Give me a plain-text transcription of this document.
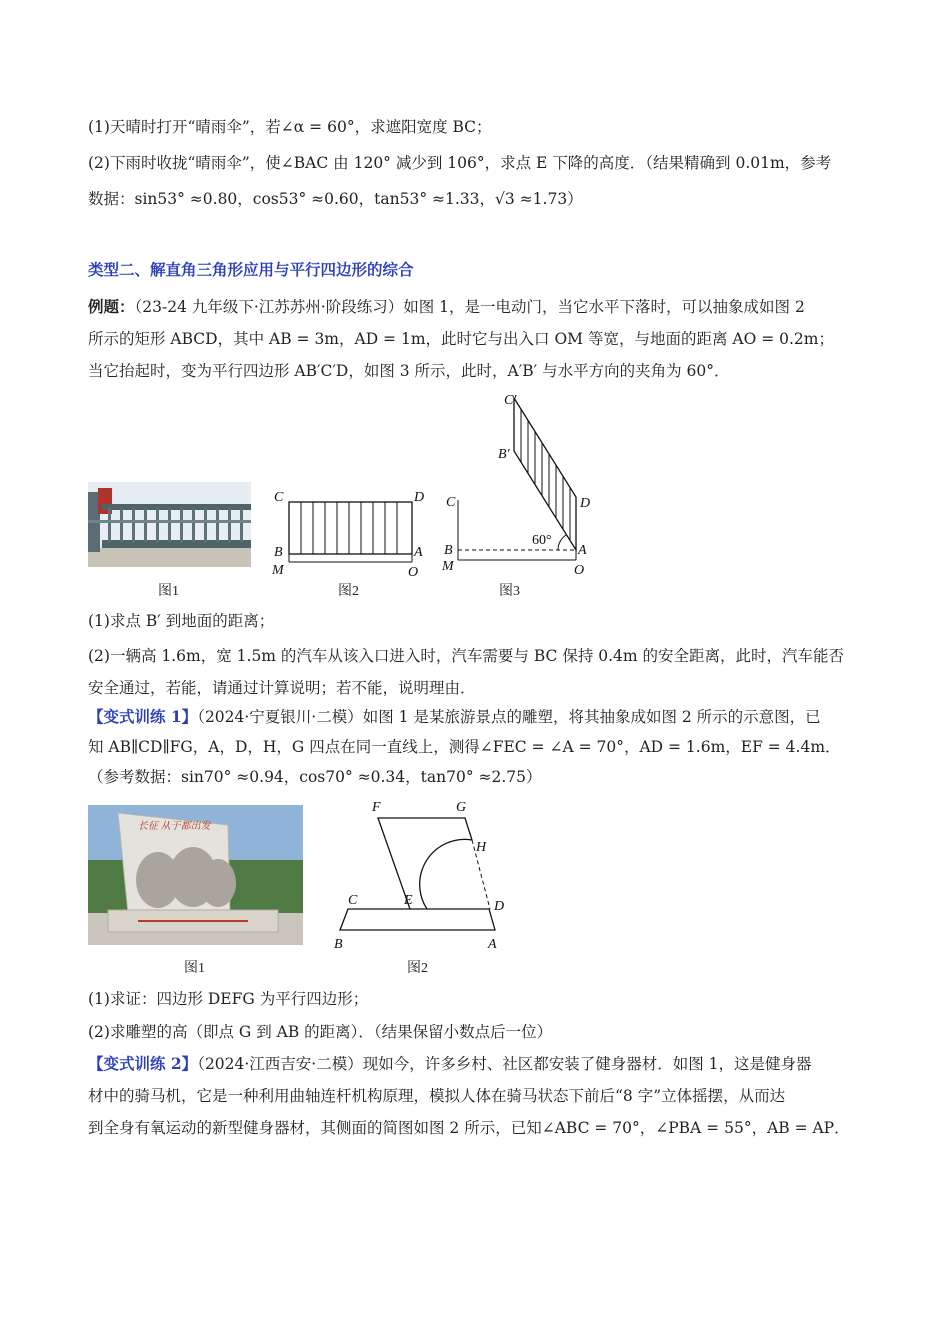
(1)天晴时打开“晴雨伞”，若∠α = 60°，求遮阳宽度 BC；
(2)下雨时收拢“晴雨伞”，使∠BAC 由 120° 减少到 106°，求点 E 下降的高度．（结果精确到 0.01m，参考
数据：sin53° ≈0.80，cos53° ≈0.60，tan53° ≈1.33，√3 ≈1.73）
类型二、解直角三角形应用与平行四边形的综合
例题：（23-24 九年级下·江苏苏州·阶段练习）如图 1，是一电动门，当它水平下落时，可以抽象成如图 2
所示的矩形 ABCD，其中 AB = 3m，AD = 1m，此时它与出入口 OM 等宽，与地面的距离 AO = 0.2m；
当它抬起时，变为平行四边形 AB′C′D，如图 3 所示，此时，A′B′ 与水平方向的夹角为 60°．
图1
C	D
B	A
M	O
图2
C′
B′
C	D
60°
B	A
M	O
图3
(1)求点 B′ 到地面的距离；
(2)一辆高 1.6m，宽 1.5m 的汽车从该入口进入时，汽车需要与 BC 保持 0.4m 的安全距离，此时，汽车能否
安全通过，若能，请通过计算说明；若不能，说明理由．
【变式训练 1】（2024·宁夏银川·二模）如图 1 是某旅游景点的雕塑，将其抽象成如图 2 所示的示意图，已
知 AB∥CD∥FG，A，D，H，G 四点在同一直线上，测得∠FEC = ∠A = 70°，AD = 1.6m，EF = 4.4m．
（参考数据：sin70° ≈0.94，cos70° ≈0.34，tan70° ≈2.75）
长征 从于都出发
图1
F	G
H
C	E	D
B	A
图2
(1)求证：四边形 DEFG 为平行四边形；
(2)求雕塑的高（即点 G 到 AB 的距离）．（结果保留小数点后一位）
【变式训练 2】（2024·江西吉安·二模）现如今，许多乡村、社区都安装了健身器材．如图 1，这是健身器
材中的骑马机，它是一种利用曲轴连杆机构原理，模拟人体在骑马状态下前后“8 字”立体摇摆，从而达
到全身有氧运动的新型健身器材，其侧面的简图如图 2 所示，已知∠ABC = 70°，∠PBA = 55°，AB = AP．
